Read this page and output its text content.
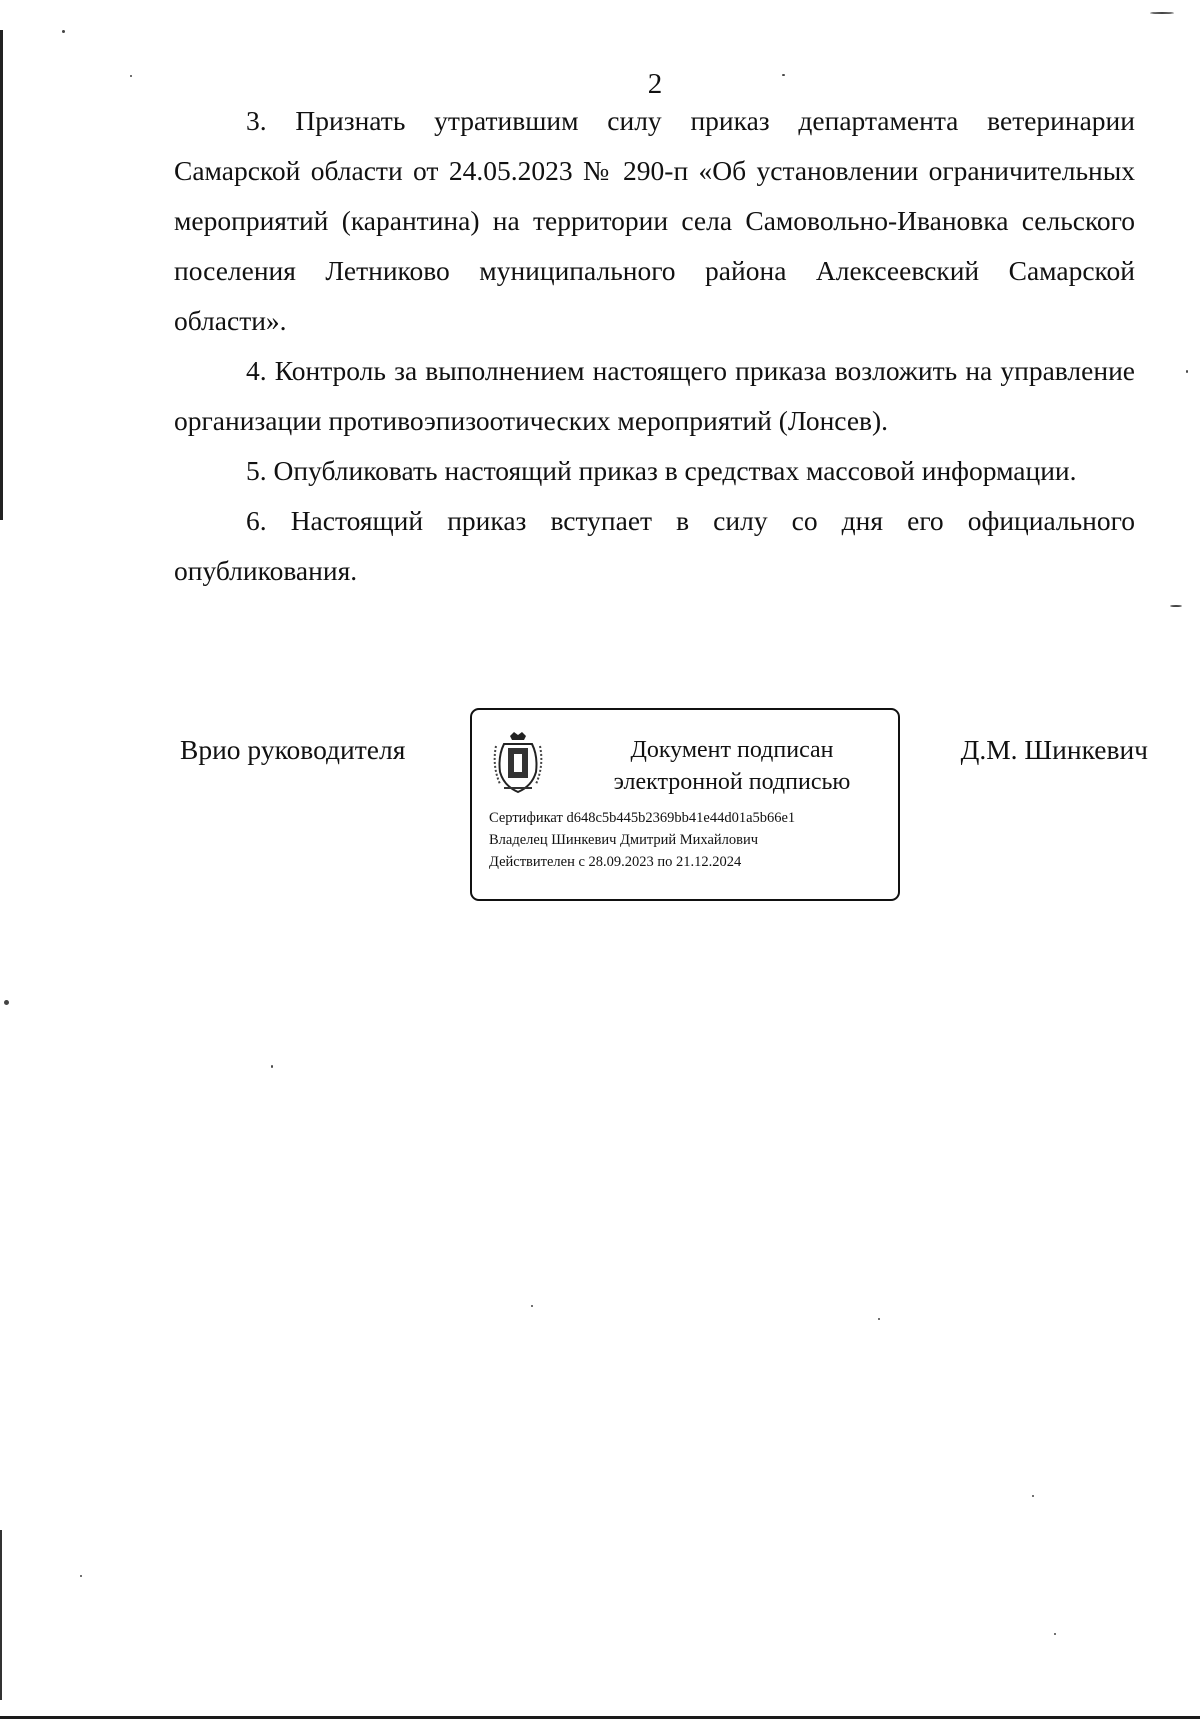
2

3. Признать утратившим силу приказ департамента ветеринарии Самарской области от 24.05.2023 № 290-п «Об установлении ограничительных мероприятий (карантина) на территории села Самовольно-Ивановка сельского поселения Летниково муниципального района Алексеевский Самарской области».

4. Контроль за выполнением настоящего приказа возложить на управление организации противоэпизоотических мероприятий (Лонсев).

5. Опубликовать настоящий приказ в средствах массовой информации.

6. Настоящий приказ вступает в силу со дня его официального опубликования.

Врио руководителя	Документ подписан
электронной подписью
Сертификат d648c5b445b2369bb41e44d01a5b66e1
Владелец Шинкевич Дмитрий Михайлович
Действителен с 28.09.2023 по 21.12.2024
Д.М. Шинкевич
